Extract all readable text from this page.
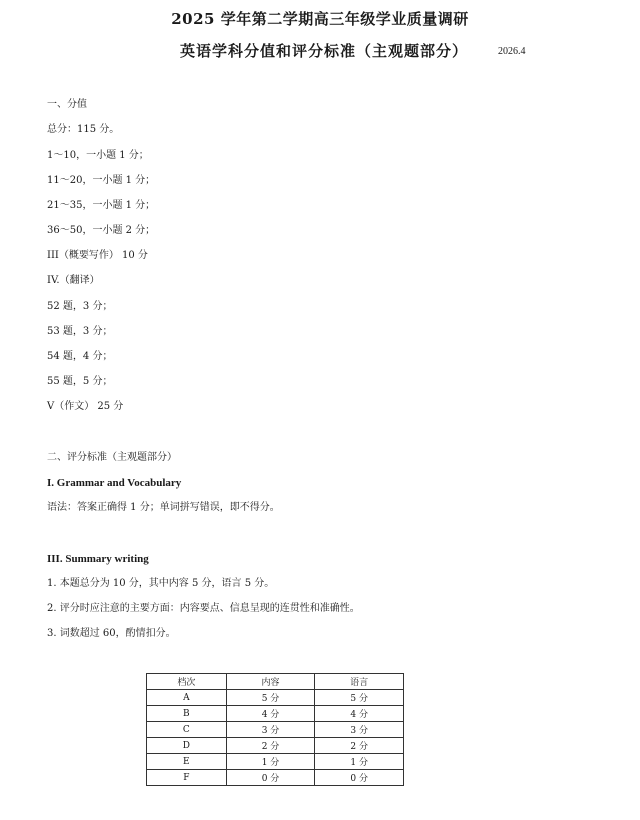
2025 学年第二学期高三年级学业质量调研
英语学科分值和评分标准（主观题部分）	2026.4
一、分值
总分：115 分。
1～10，一小题 1 分；
11～20，一小题 1 分；
21～35，一小题 1 分；
36～50，一小题 2 分；
III（概要写作） 10 分
IV.（翻译）
52 题，3 分；
53 题，3 分；
54 题，4 分；
55 题，5 分；
V（作文） 25 分
二、评分标准（主观题部分）
I. Grammar and Vocabulary
语法：答案正确得 1 分；单词拼写错误，即不得分。
III. Summary writing
1. 本题总分为 10 分，其中内容 5 分，语言 5 分。
2. 评分时应注意的主要方面：内容要点、信息呈现的连贯性和准确性。
3. 词数超过 60，酌情扣分。
档次	内容	语言
A	5 分	5 分
B	4 分	4 分
C	3 分	3 分
D	2 分	2 分
E	1 分	1 分
F	0 分	0 分
